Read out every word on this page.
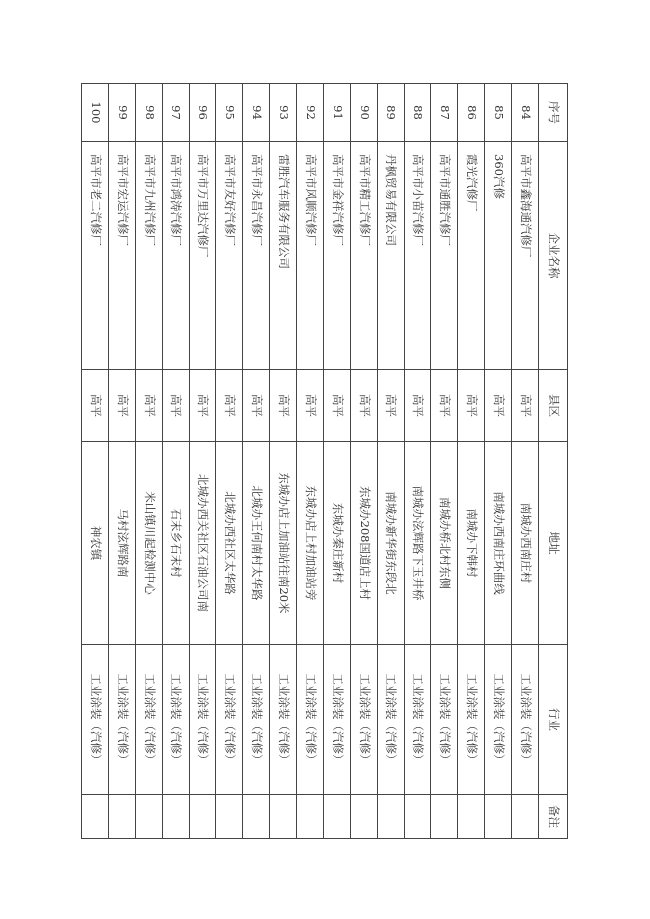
序号	企业名称	县区	地址	行业	备注
84	高平市鑫海通汽修厂	高平	南城办西南庄村	工业涂装（汽修）	
85	360汽修	高平	南城办西南庄环曲线	工业涂装（汽修）	
86	霞光汽修厂	高平	南城办下韩村	工业涂装（汽修）	
87	高平市通胜汽修厂	高平	南城办桥北村东侧	工业涂装（汽修）	
88	高平市小苗汽修厂	高平	南城办泫辉路下玉井桥	工业涂装（汽修）	
89	丹枫贸易有限公司	高平	南城办新华街东段北	工业涂装（汽修）	
90	高平市精工汽修厂	高平	东城办208国道店上村	工业涂装（汽修）	
91	高平市金祥汽修厂	高平	东城办秦庄新村	工业涂装（汽修）	
92	高平市风顺汽修厂	高平	东城办店上村加油站旁	工业涂装（汽修）	
93	雷胜汽车服务有限公司	高平	东城办店上加油站往南20米	工业涂装（汽修）	
94	高平市永昌汽修厂	高平	北城办王何南村太华路	工业涂装（汽修）	
95	高平市友好汽修厂	高平	北城办西社区太华路	工业涂装（汽修）	
96	高平市万里达汽修厂	高平	北城办西关社区石油公司南	工业涂装（汽修）	
97	高平市鸿涛汽修厂	高平	石末乡石末村	工业涂装（汽修）	
98	高平市九州汽修厂	高平	米山镇川起检测中心	工业涂装（汽修）	
99	高平市宏运汽修厂	高平	马村泫辉路南	工业涂装（汽修）	
100	高平市老二汽修厂	高平	神农镇	工业涂装（汽修）	
